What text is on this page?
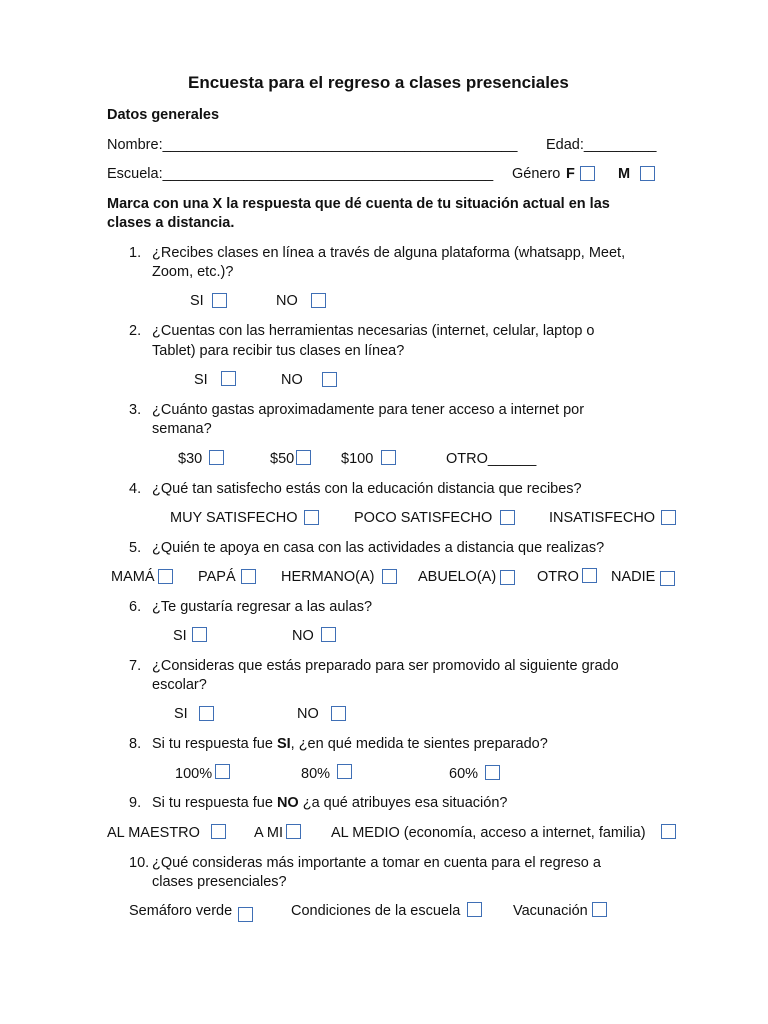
Encuesta para el regreso a clases presenciales
Datos generales
Nombre:____________________________________________ Edad:_________
Escuela:_________________________________________ Género F	M
Marca con una X la respuesta que dé cuenta de tu situación actual en las
clases a distancia.
1. ¿Recibes clases en línea a través de alguna plataforma (whatsapp, Meet,
Zoom, etc.)?
SI	NO
2. ¿Cuentas con las herramientas necesarias (internet, celular, laptop o
Tablet) para recibir tus clases en línea?
SI	NO
3. ¿Cuánto gastas aproximadamente para tener acceso a internet por
semana?
$30	$50	$100	OTRO______
4. ¿Qué tan satisfecho estás con la educación distancia que recibes?
MUY SATISFECHO	POCO SATISFECHO	INSATISFECHO
5. ¿Quién te apoya en casa con las actividades a distancia que realizas?
MAMÁ	PAPÁ	HERMANO(A)	ABUELO(A)	OTRO NADIE
6. ¿Te gustaría regresar a las aulas?
SI	NO
7. ¿Consideras que estás preparado para ser promovido al siguiente grado
escolar?
SI	NO
8. Si tu respuesta fue SI, ¿en qué medida te sientes preparado?
100%	80%	60%
9. Si tu respuesta fue NO ¿a qué atribuyes esa situación?
AL MAESTRO	A MI	AL MEDIO (economía, acceso a internet, familia)
10. ¿Qué consideras más importante a tomar en cuenta para el regreso a
clases presenciales?
Semáforo verde	Condiciones de la escuela	Vacunación
